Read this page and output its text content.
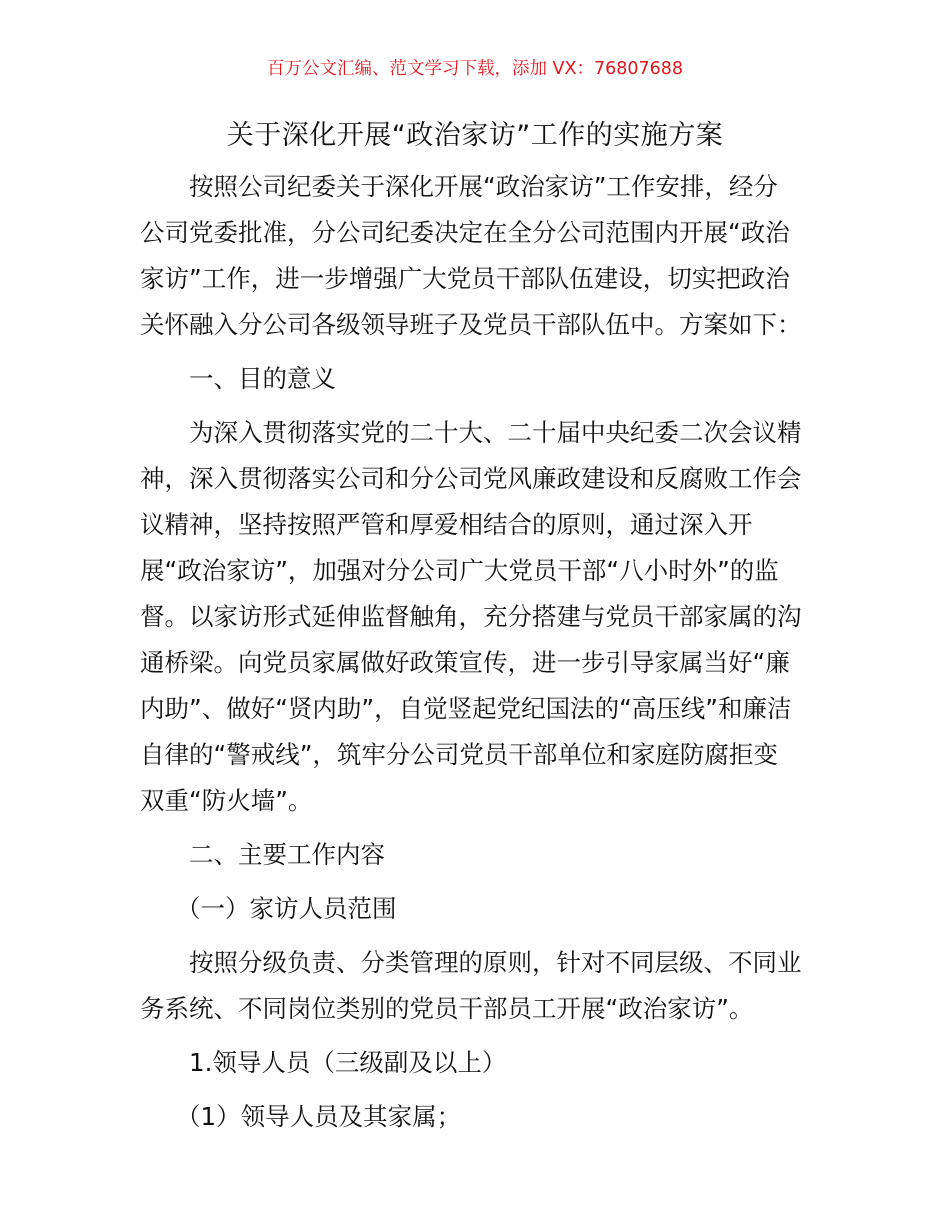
百万公文汇编、范文学习下载，添加 VX：76807688
关于深化开展“政治家访”工作的实施方案
按照公司纪委关于深化开展“政治家访”工作安排，经分
公司党委批准，分公司纪委决定在全分公司范围内开展“政治
家访”工作，进一步增强广大党员干部队伍建设，切实把政治
关怀融入分公司各级领导班子及党员干部队伍中。方案如下：

一、目的意义

为深入贯彻落实党的二十大、二十届中央纪委二次会议精
神，深入贯彻落实公司和分公司党风廉政建设和反腐败工作会
议精神，坚持按照严管和厚爱相结合的原则，通过深入开
展“政治家访”，加强对分公司广大党员干部“八小时外”的监
督。以家访形式延伸监督触角，充分搭建与党员干部家属的沟
通桥梁。向党员家属做好政策宣传，进一步引导家属当好“廉
内助”、做好“贤内助”，自觉竖起党纪国法的“高压线”和廉洁
自律的“警戒线”，筑牢分公司党员干部单位和家庭防腐拒变
双重“防火墙”。

二、主要工作内容

（一）家访人员范围

按照分级负责、分类管理的原则，针对不同层级、不同业
务系统、不同岗位类别的党员干部员工开展“政治家访”。

1.领导人员（三级副及以上）

（1）领导人员及其家属；
